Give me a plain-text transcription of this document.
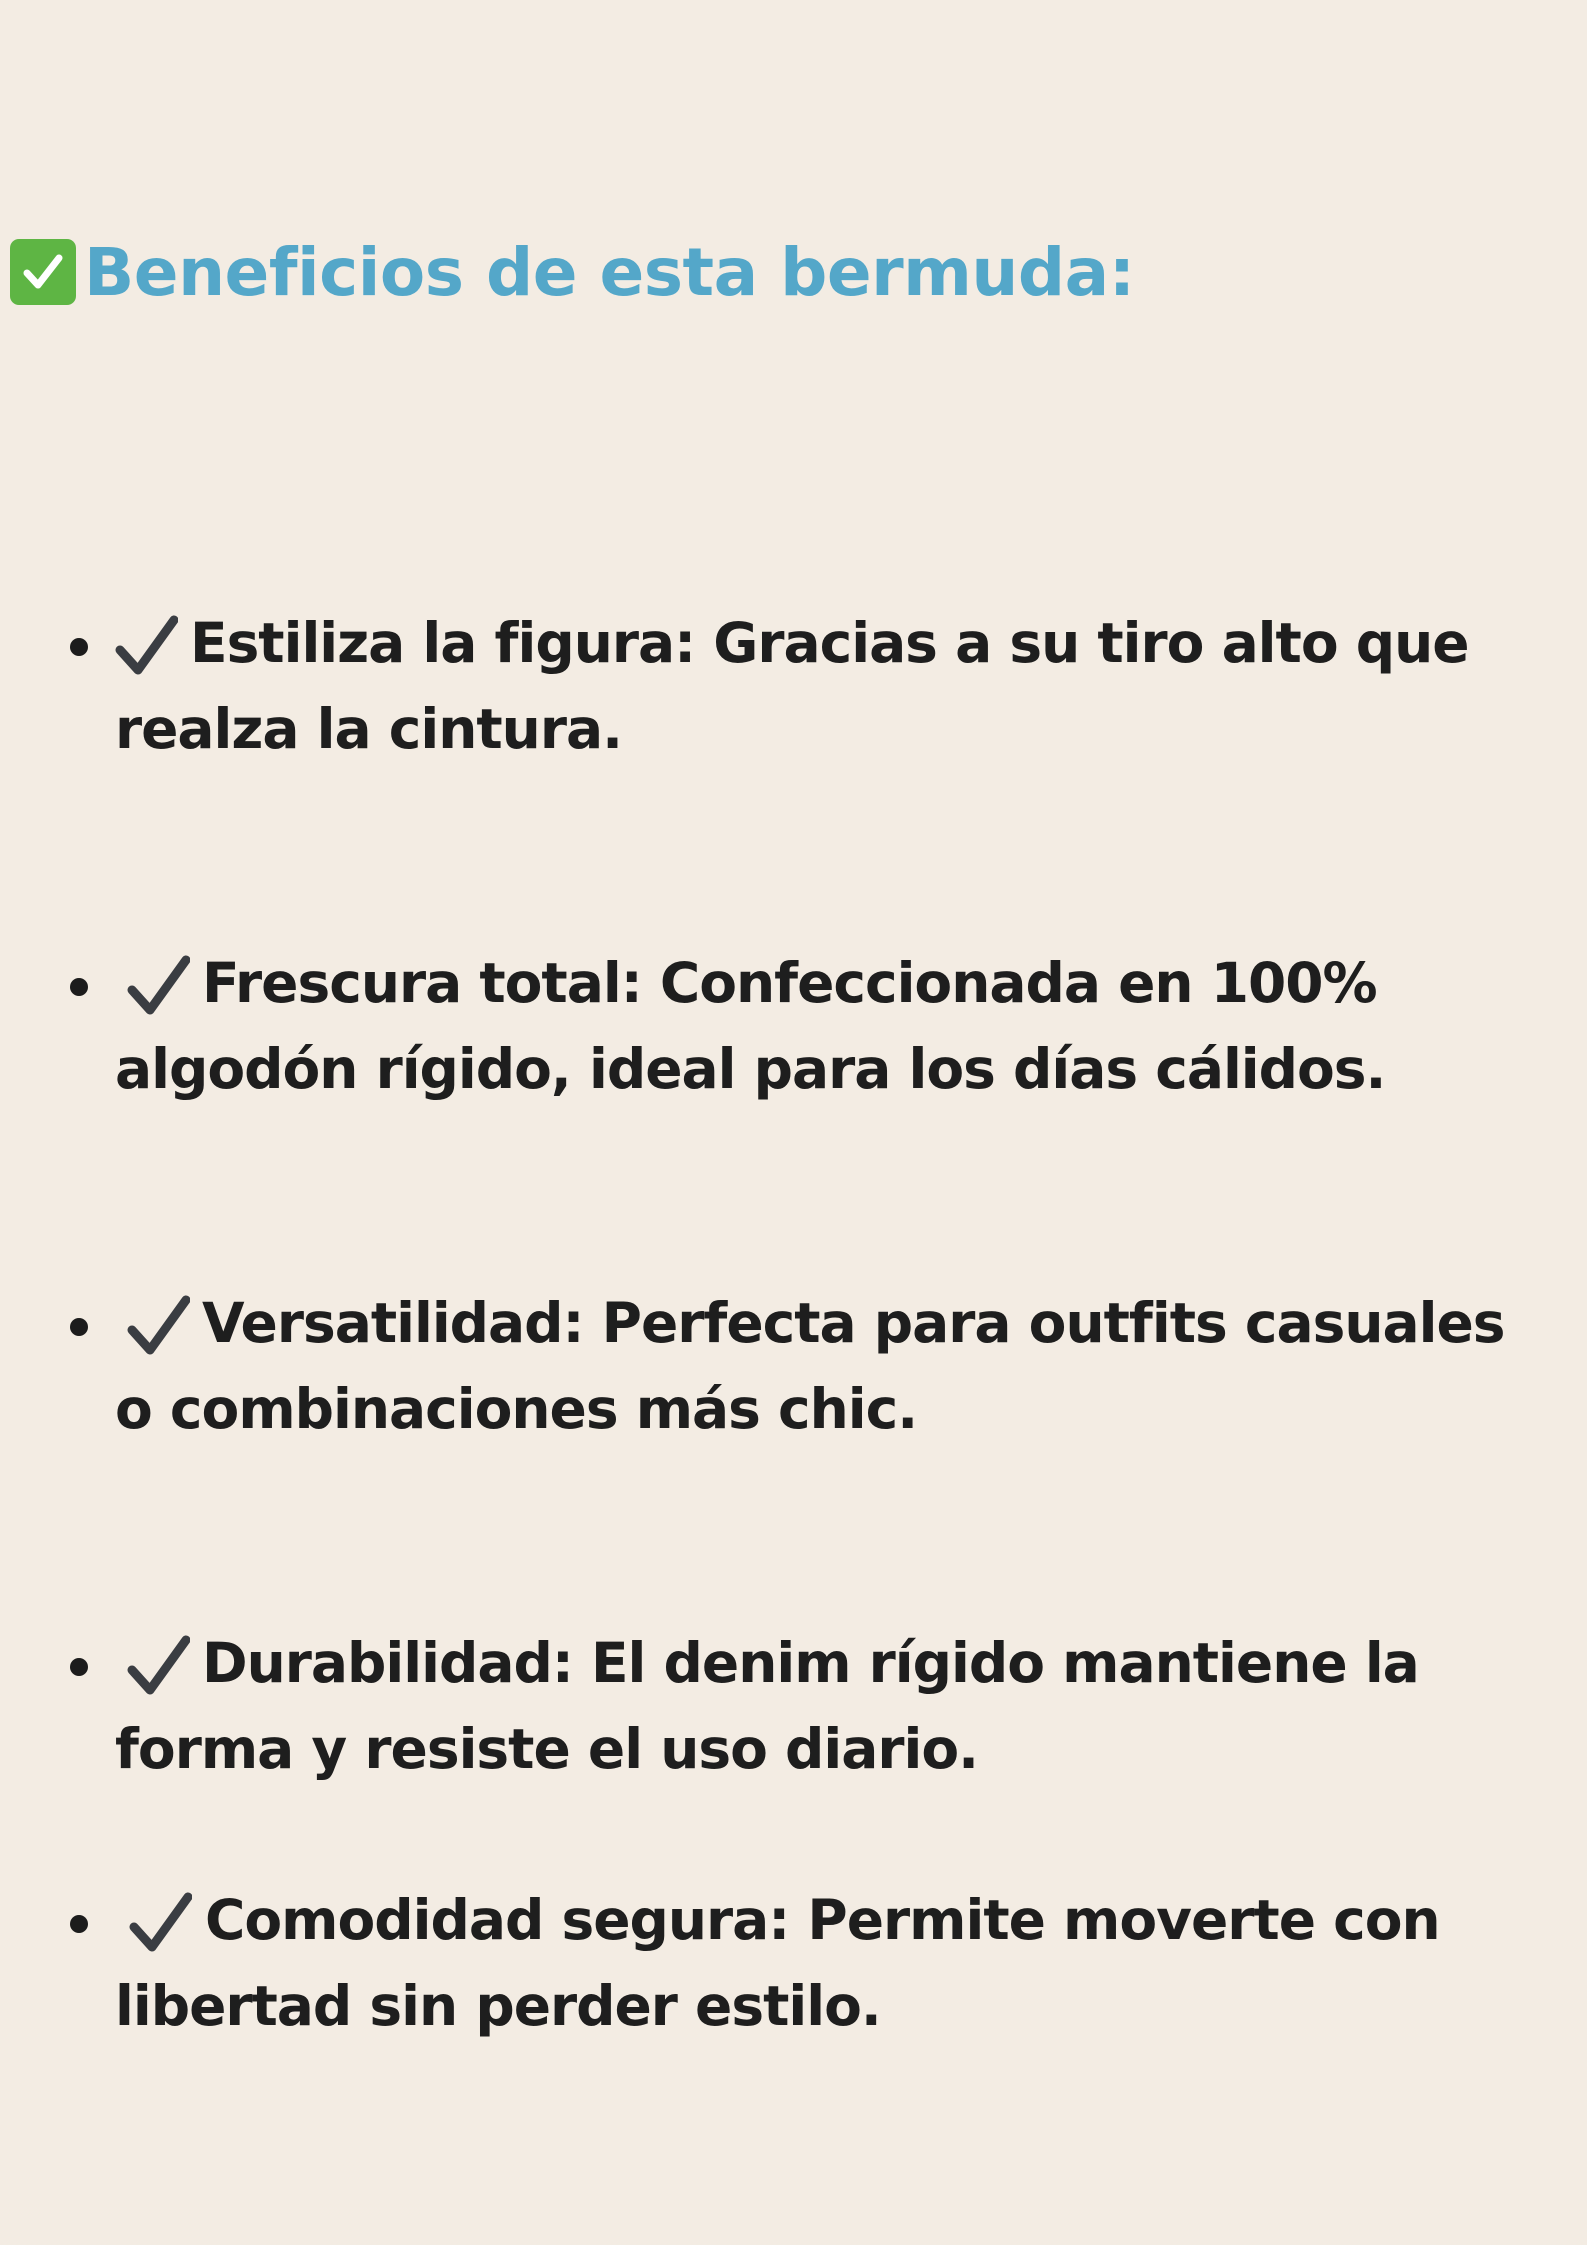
Beneficios de esta bermuda:
Estiliza la figura: Gracias a su tiro alto que realza la cintura.
Frescura total: Confeccionada en 100% algodón rígido, ideal para los días cálidos.
Versatilidad: Perfecta para outfits casuales o combinaciones más chic.
Durabilidad: El denim rígido mantiene la forma y resiste el uso diario.
Comodidad segura: Permite moverte con libertad sin perder estilo.
